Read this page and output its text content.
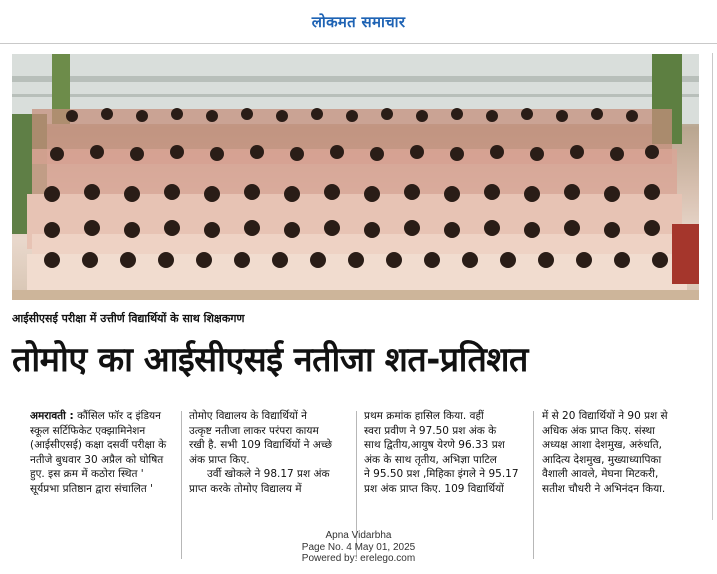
लोकमत समाचार
आईसीएसई परीक्षा में उत्तीर्ण विद्यार्थियों के साथ शिक्षकगण
तोमोए का आईसीएसई नतीजा शत-प्रतिशत
अमरावती : कौंसिल फॉर द इंडियन
स्कूल सर्टिफिकेट एक्झामिनेशन
(आईसीएसई) कक्षा दसवीं परीक्षा के
नतीजे बुधवार 30 अप्रैल को घोषित
हुए. इस क्रम में कठोरा स्थित '
सूर्यप्रभा प्रतिष्ठान द्वारा संचालित '
तोमोए विद्यालय के विद्यार्थियों ने
उत्कृष्ट नतीजा लाकर परंपरा कायम
रखी है. सभी 109 विद्यार्थियों ने अच्छे
अंक प्राप्त किए.
उर्वी खोकले ने 98.17 प्रश अंक
प्राप्त करके तोमोए विद्यालय में
प्रथम क्रमांक हासिल किया. वहीं
स्वरा प्रवीण ने 97.50 प्रश अंक के
साथ द्वितीय,आयुष येरणे 96.33 प्रश
अंक के साथ तृतीय, अभिज्ञा पाटिल
ने 95.50 प्रश ,मिहिका इंगले ने 95.17
प्रश अंक प्राप्त किए. 109 विद्यार्थियों
में से 20 विद्यार्थियों ने 90 प्रश से
अधिक अंक प्राप्त किए. संस्था
अध्यक्ष आशा देशमुख, अरुंधति,
आदित्य देशमुख, मुख्याध्यापिका
वैशाली आवले, मेघना मिटकरी,
सतीश चौधरी ने अभिनंदन किया.
Apna Vidarbha
Page No. 4 May 01, 2025
Powered by: erelego.com
